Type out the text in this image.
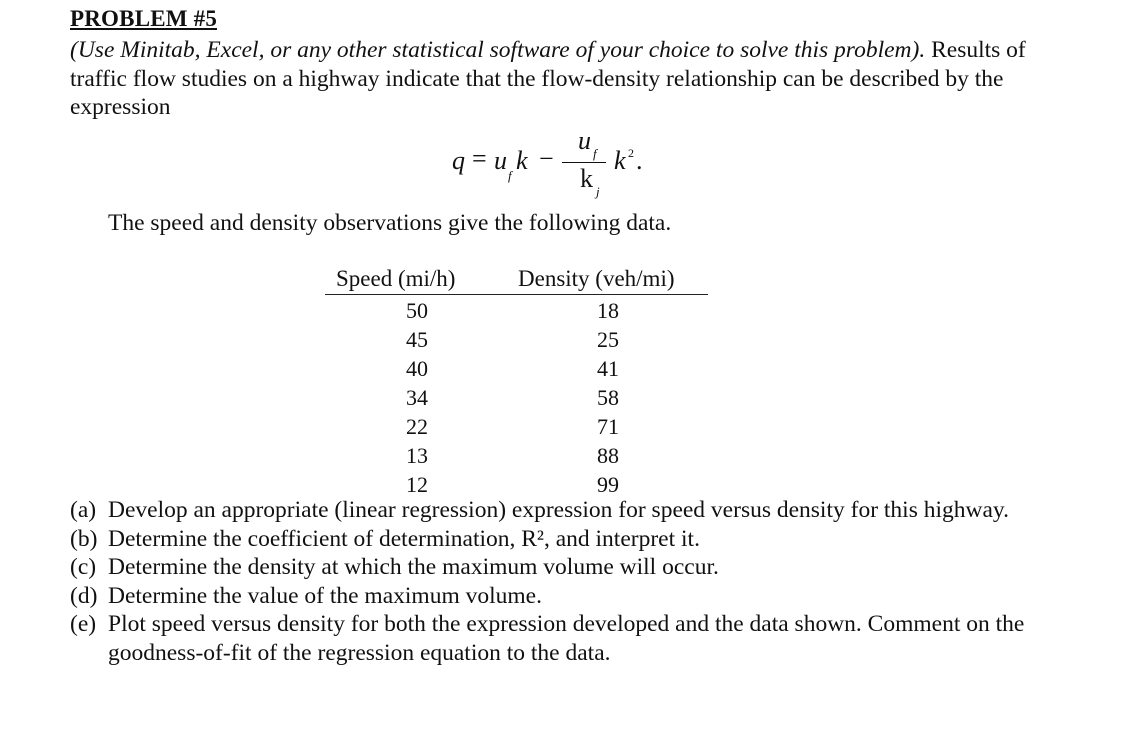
PROBLEM #5
(Use Minitab, Excel, or any other statistical software of your choice to solve this problem). Results of traffic flow studies on a highway indicate that the flow-density relationship can be described by the expression
q = u
f
k −
u f
k j
k 2 .
The speed and density observations give the following data.
Speed (mi/h)	Density (veh/mi)
50	18
45	25
40	41
34	58
22	71
13	88
12	99
(a) Develop an appropriate (linear regression) expression for speed versus density for this highway.
(b) Determine the coefficient of determination, R², and interpret it.
(c) Determine the density at which the maximum volume will occur.
(d) Determine the value of the maximum volume.
(e) Plot speed versus density for both the expression developed and the data shown. Comment on the goodness-of-fit of the regression equation to the data.
